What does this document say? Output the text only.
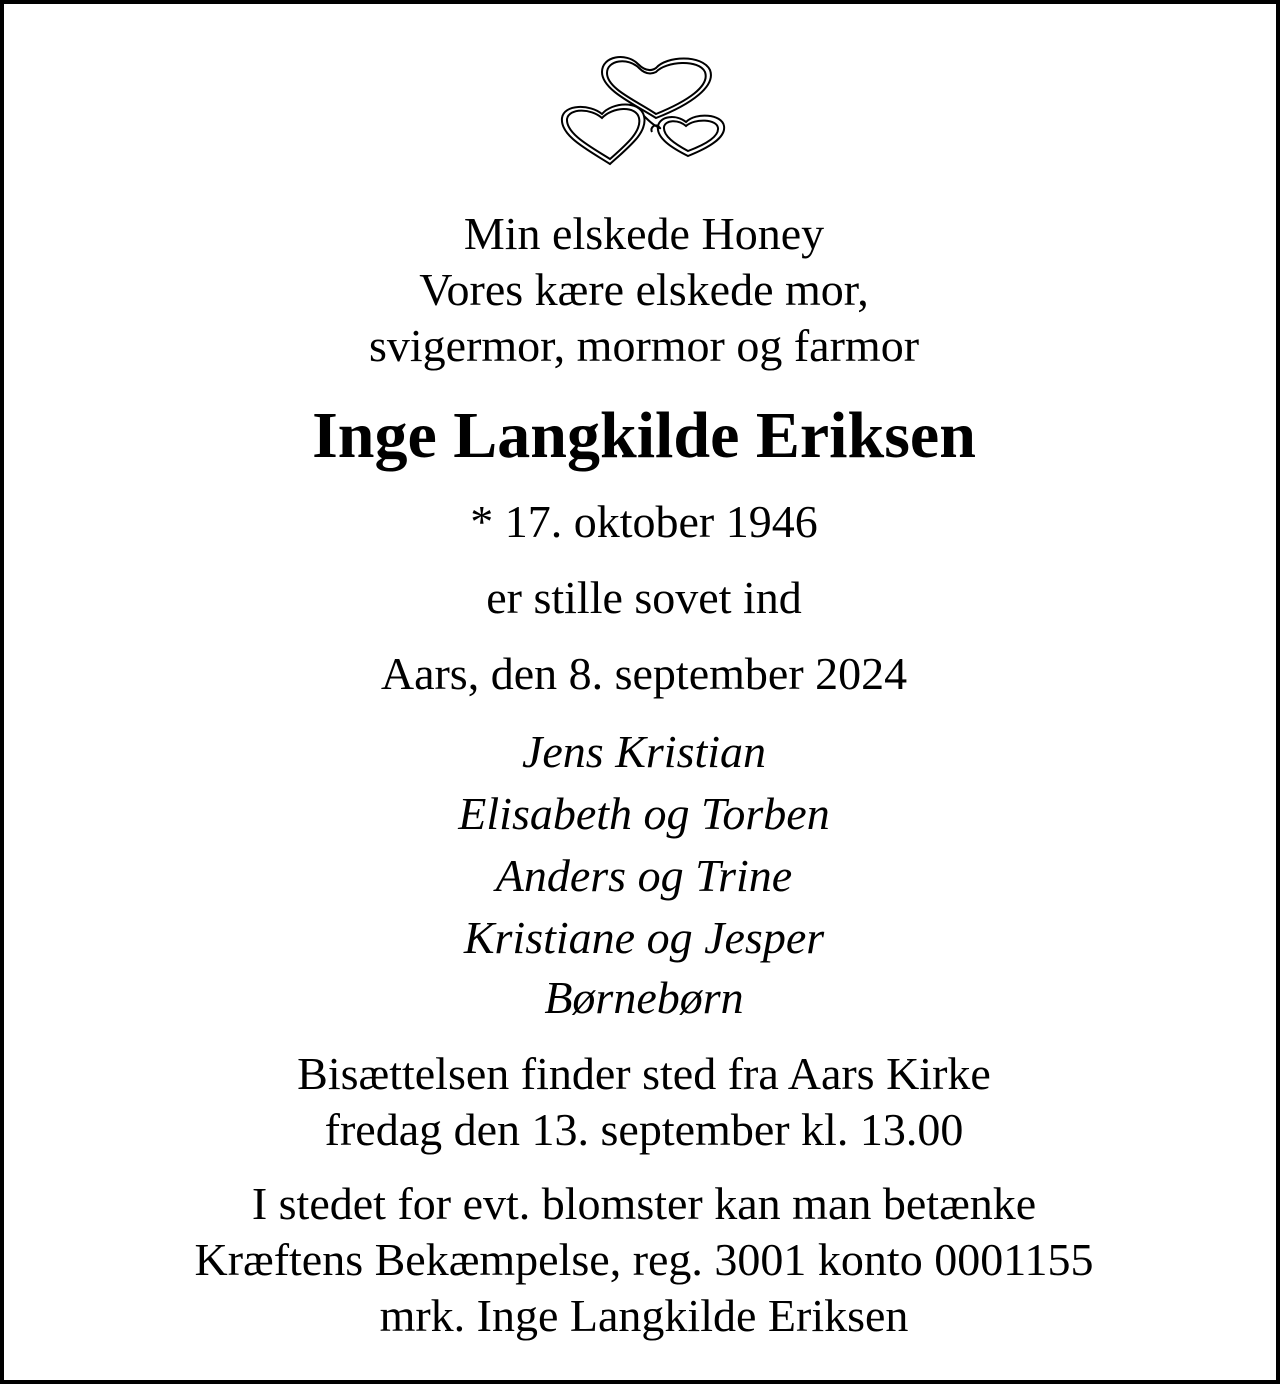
Min elskede Honey
Vores kære elskede mor,
svigermor, mormor og farmor
Inge Langkilde Eriksen
* 17. oktober 1946
er stille sovet ind
Aars, den 8. september 2024
Jens Kristian
Elisabeth og Torben
Anders og Trine
Kristiane og Jesper
Børnebørn
Bisættelsen finder sted fra Aars Kirke
fredag den 13. september kl. 13.00
I stedet for evt. blomster kan man betænke
Kræftens Bekæmpelse, reg. 3001 konto 0001155
mrk. Inge Langkilde Eriksen
